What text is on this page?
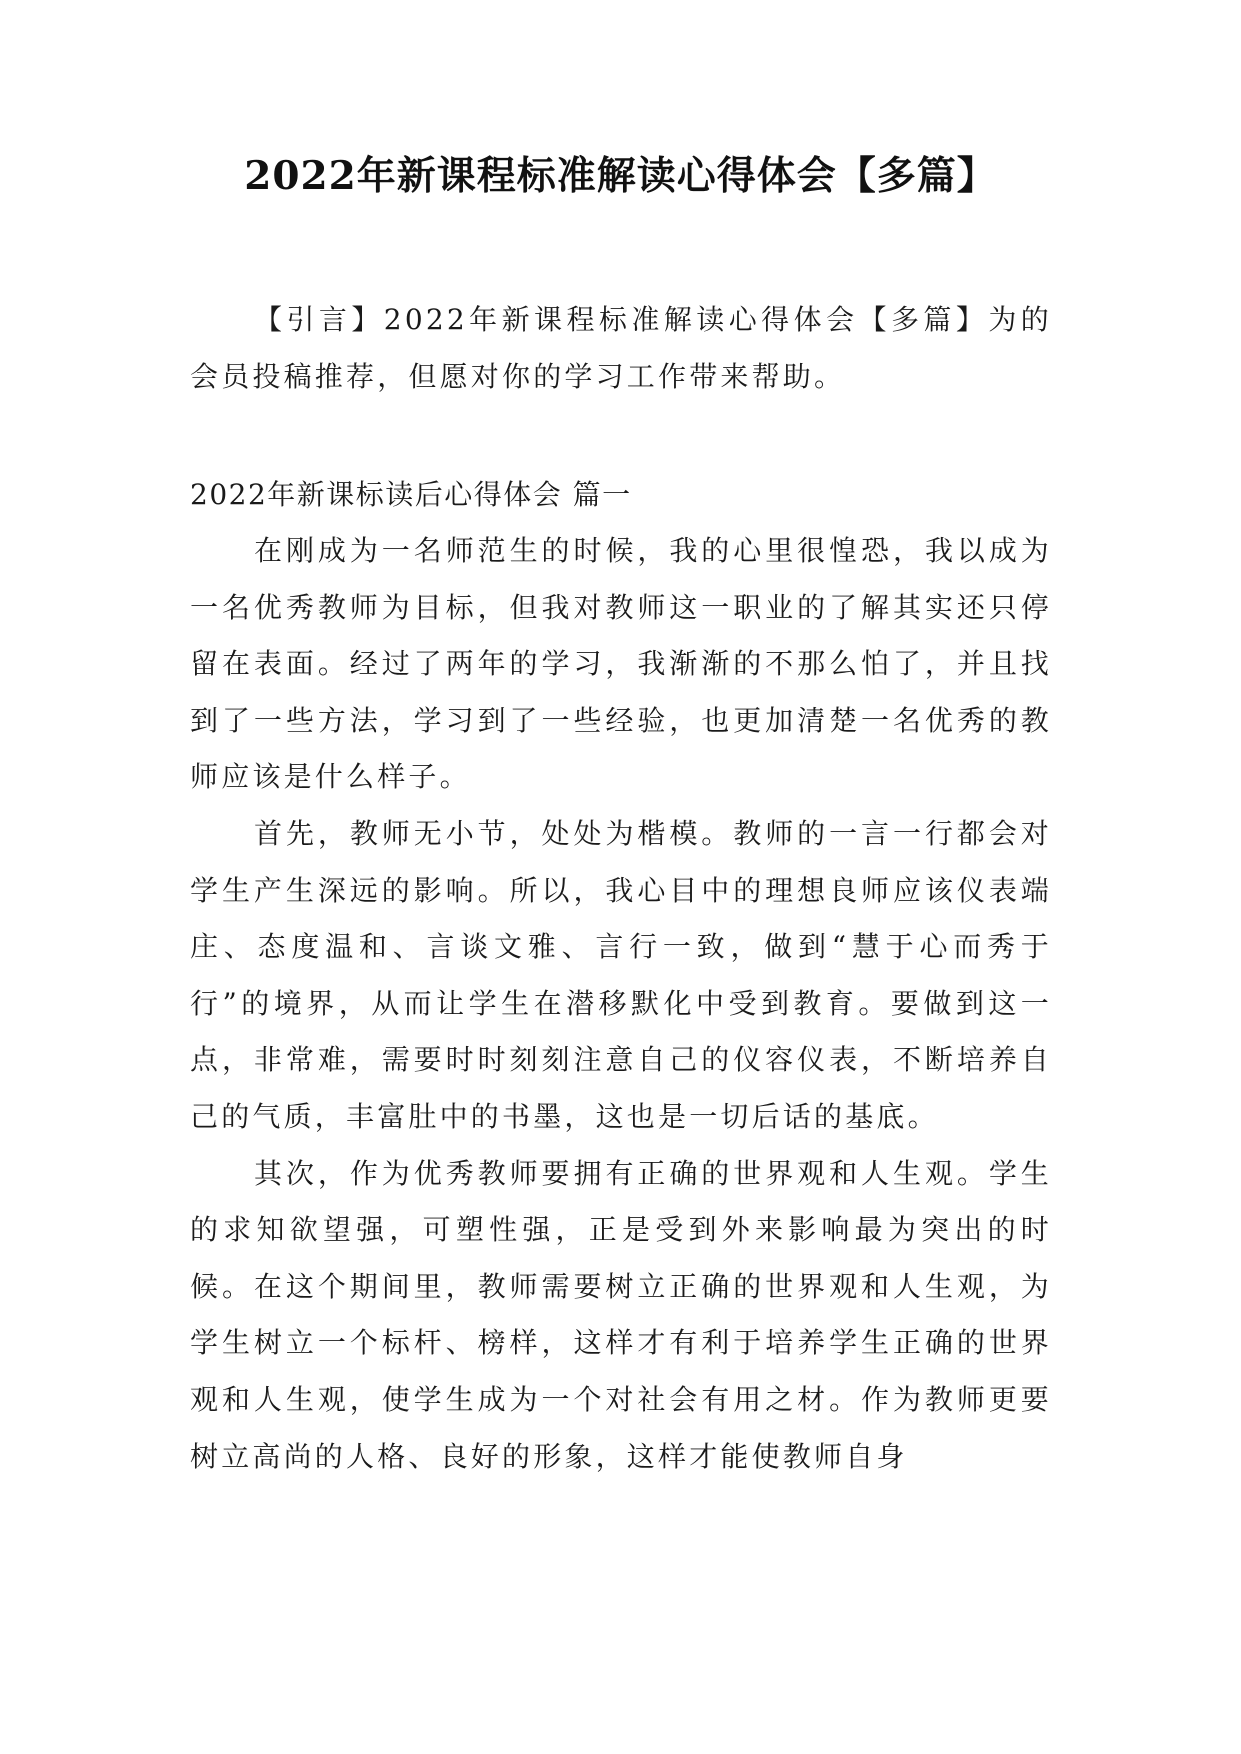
2022年新课程标准解读心得体会【多篇】

【引言】2022年新课程标准解读心得体会【多篇】为的会员投稿推荐，但愿对你的学习工作带来帮助。

2022年新课标读后心得体会 篇一

在刚成为一名师范生的时候，我的心里很惶恐，我以成为一名优秀教师为目标，但我对教师这一职业的了解其实还只停留在表面。经过了两年的学习，我渐渐的不那么怕了，并且找到了一些方法，学习到了一些经验，也更加清楚一名优秀的教师应该是什么样子。

首先，教师无小节，处处为楷模。教师的一言一行都会对学生产生深远的影响。所以，我心目中的理想良师应该仪表端庄、态度温和、言谈文雅、言行一致，做到“慧于心而秀于行”的境界，从而让学生在潜移默化中受到教育。要做到这一点，非常难，需要时时刻刻注意自己的仪容仪表，不断培养自己的气质，丰富肚中的书墨，这也是一切后话的基底。

其次，作为优秀教师要拥有正确的世界观和人生观。学生的求知欲望强，可塑性强，正是受到外来影响最为突出的时候。在这个期间里，教师需要树立正确的世界观和人生观，为学生树立一个标杆、榜样，这样才有利于培养学生正确的世界观和人生观，使学生成为一个对社会有用之材。作为教师更要树立高尚的人格、良好的形象，这样才能使教师自身
